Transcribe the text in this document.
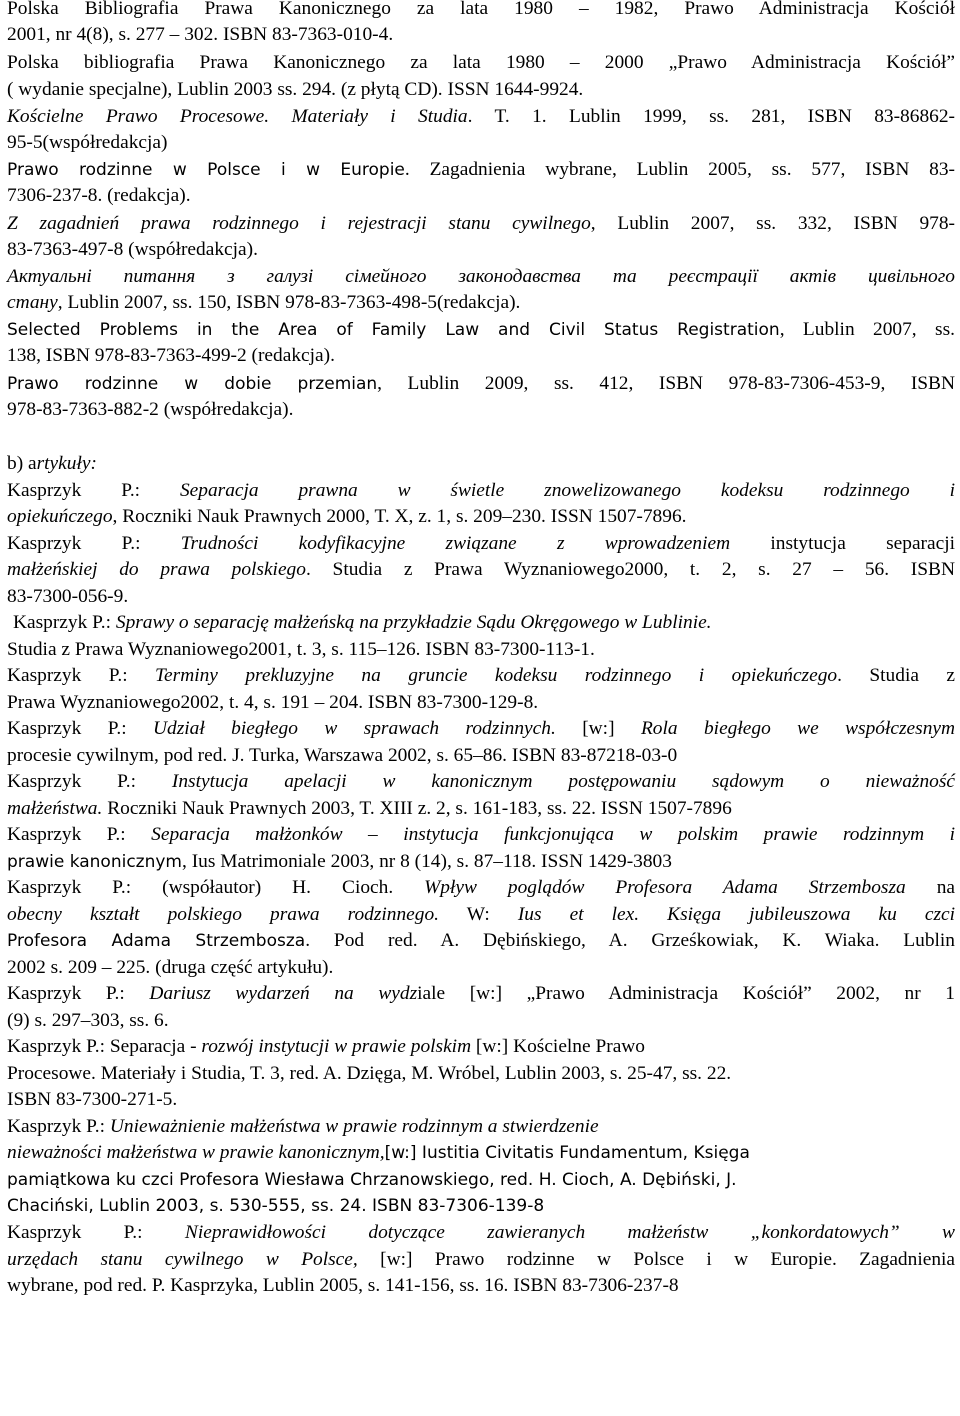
Polska Bibliografia Prawa Kanonicznego za lata 1980 – 1982, Prawo Administracja Kościół

2001, nr 4(8), s. 277 – 302. ISBN 83-7363-010-4.

Polska bibliografia Prawa Kanonicznego za lata 1980 – 2000 „Prawo Administracja Kościół”

( wydanie specjalne), Lublin 2003 ss. 294. (z płytą CD). ISSN 1644-9924.

Kościelne Prawo Procesowe. Materiały i Studia. T. 1. Lublin 1999, ss. 281, ISBN 83-86862-

95-5(współredakcja)

Prawo rodzinne w Polsce i w Europie. Zagadnienia wybrane, Lublin 2005, ss. 577, ISBN 83-

7306-237-8. (redakcja).

Z zagadnień prawa rodzinnego i rejestracji stanu cywilnego, Lublin 2007, ss. 332, ISBN 978-

83-7363-497-8 (współredakcja).

Актуальнi питання з галузi сiмейного законодавства та реєстрацiї актiв цивiльного

стану, Lublin 2007, ss. 150, ISBN 978-83-7363-498-5(redakcja).

Selected Problems in the Area of Family Law and Civil Status Registration, Lublin 2007, ss.

138, ISBN 978-83-7363-499-2 (redakcja).

Prawo rodzinne w dobie przemian, Lublin 2009, ss. 412, ISBN 978-83-7306-453-9, ISBN

978-83-7363-882-2 (współredakcja).

b) artykuły:

Kasprzyk P.: Separacja prawna w świetle znowelizowanego kodeksu rodzinnego i

opiekuńczego, Roczniki Nauk Prawnych 2000, T. X, z. 1, s. 209–230. ISSN 1507-7896.

Kasprzyk P.: Trudności kodyfikacyjne związane z wprowadzeniem instytucja separacji

małżeńskiej do prawa polskiego. Studia z Prawa Wyznaniowego2000, t. 2, s. 27 – 56. ISBN

83-7300-056-9.

Kasprzyk P.: Sprawy o separację małżeńską na przykładzie Sądu Okręgowego w Lublinie.

Studia z Prawa Wyznaniowego2001, t. 3, s. 115–126. ISBN 83-7300-113-1.

Kasprzyk P.: Terminy prekluzyjne na gruncie kodeksu rodzinnego i opiekuńczego. Studia z

Prawa Wyznaniowego2002, t. 4, s. 191 – 204. ISBN 83-7300-129-8.

Kasprzyk P.: Udział biegłego w sprawach rodzinnych. [w:] Rola biegłego we współczesnym

procesie cywilnym, pod red. J. Turka, Warszawa 2002, s. 65–86. ISBN 83-87218-03-0

Kasprzyk P.: Instytucja apelacji w kanonicznym postępowaniu sądowym o nieważność

małżeństwa. Roczniki Nauk Prawnych 2003, T. XIII z. 2, s. 161-183, ss. 22. ISSN 1507-7896

Kasprzyk P.: Separacja małżonków – instytucja funkcjonująca w polskim prawie rodzinnym i

prawie kanonicznym, Ius Matrimoniale 2003, nr 8 (14), s. 87–118. ISSN 1429-3803

Kasprzyk P.: (współautor) H. Cioch. Wpływ poglądów Profesora Adama Strzembosza na

obecny kształt polskiego prawa rodzinnego. W: Ius et lex. Księga jubileuszowa ku czci

Profesora Adama Strzembosza. Pod red. A. Dębińskiego, A. Grześkowiak, K. Wiaka. Lublin

2002 s. 209 – 225. (druga część artykułu).

Kasprzyk P.: Dariusz wydarzeń na wydziale [w:] „Prawo Administracja Kościół” 2002, nr 1

(9) s. 297–303, ss. 6.

Kasprzyk P.: Separacja - rozwój instytucji w prawie polskim [w:] Kościelne Prawo

Procesowe. Materiały i Studia, T. 3, red. A. Dzięga, M. Wróbel, Lublin 2003, s. 25-47, ss. 22.

ISBN 83-7300-271-5.

Kasprzyk P.: Unieważnienie małżeństwa w prawie rodzinnym a stwierdzenie

nieważności małżeństwa w prawie kanonicznym,[w:] Iustitia Civitatis Fundamentum, Księga

pamiątkowa ku czci Profesora Wiesława Chrzanowskiego, red. H. Cioch, A. Dębiński, J.

Chaciński, Lublin 2003, s. 530-555, ss. 24. ISBN 83-7306-139-8

Kasprzyk P.: Nieprawidłowości dotyczące zawieranych małżeństw „konkordatowych” w

urzędach stanu cywilnego w Polsce, [w:] Prawo rodzinne w Polsce i w Europie. Zagadnienia

wybrane, pod red. P. Kasprzyka, Lublin 2005, s. 141-156, ss. 16. ISBN 83-7306-237-8
